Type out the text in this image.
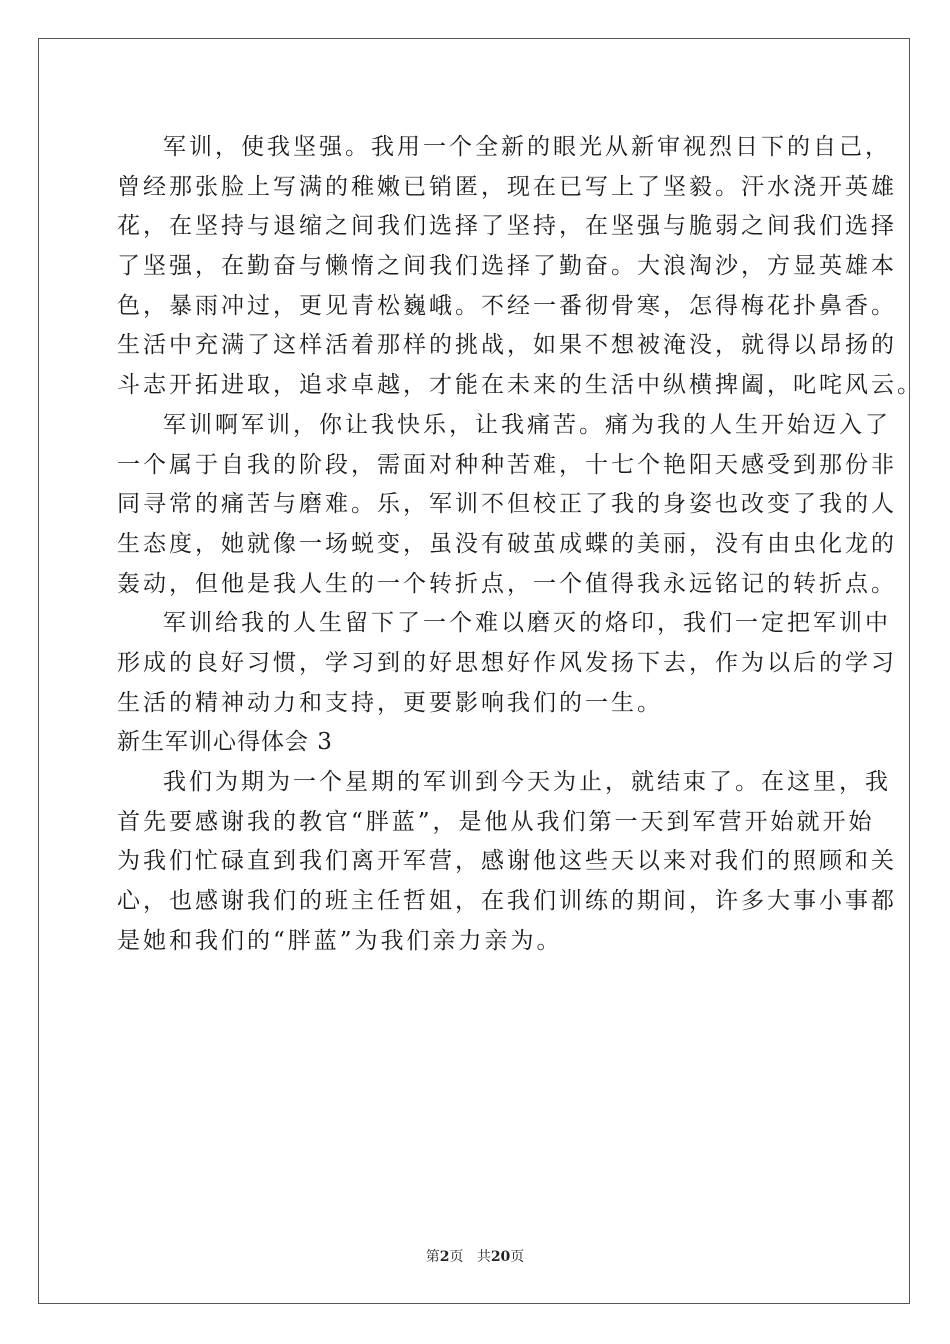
军训，使我坚强。我用一个全新的眼光从新审视烈日下的自己，
曾经那张脸上写满的稚嫩已销匿，现在已写上了坚毅。汗水浇开英雄
花，在坚持与退缩之间我们选择了坚持，在坚强与脆弱之间我们选择
了坚强，在勤奋与懒惰之间我们选择了勤奋。大浪淘沙，方显英雄本
色，暴雨冲过，更见青松巍峨。不经一番彻骨寒，怎得梅花扑鼻香。
生活中充满了这样活着那样的挑战，如果不想被淹没，就得以昂扬的
斗志开拓进取，追求卓越，才能在未来的生活中纵横捭阖，叱咤风云。
军训啊军训，你让我快乐，让我痛苦。痛为我的人生开始迈入了
一个属于自我的阶段，需面对种种苦难，十七个艳阳天感受到那份非
同寻常的痛苦与磨难。乐，军训不但校正了我的身姿也改变了我的人
生态度，她就像一场蜕变，虽没有破茧成蝶的美丽，没有由虫化龙的
轰动，但他是我人生的一个转折点，一个值得我永远铭记的转折点。
军训给我的人生留下了一个难以磨灭的烙印，我们一定把军训中
形成的良好习惯，学习到的好思想好作风发扬下去，作为以后的学习
生活的精神动力和支持，更要影响我们的一生。
新生军训心得体会 3
我们为期为一个星期的军训到今天为止，就结束了。在这里，我
首先要感谢我的教官“胖蓝”，是他从我们第一天到军营开始就开始
为我们忙碌直到我们离开军营，感谢他这些天以来对我们的照顾和关
心，也感谢我们的班主任哲姐，在我们训练的期间，许多大事小事都
是她和我们的“胖蓝”为我们亲力亲为。
第2页 共20页
